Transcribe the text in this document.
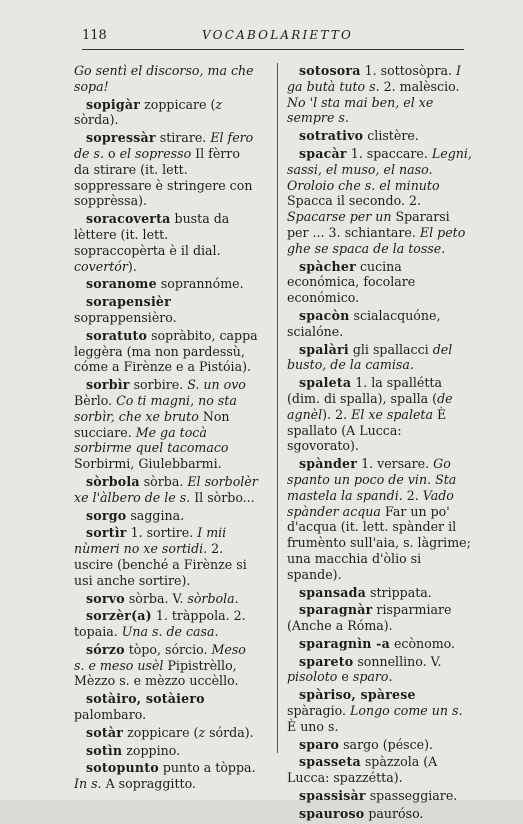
118	VOCABOLARIETTO

Go sentì el discorso, ma che sopa!

sopigàr zoppicare (z sòrda).

sopressàr stirare. El fero de s. o el sopresso Il fèrro da stirare (it. lett. soppressare è stringere con sopprèssa).

soracoverta busta da lèttere (it. lett. sopraccopèrta è il dial. covertór).

soranome soprannóme.

sorapensièr soprappensièro.

soratuto sopràbito, cappa leggèra (ma non pardessù, cóme a Firènze e a Pistóia).

sorbìr sorbire. S. un ovo Bèrlo. Co ti magni, no sta sorbìr, che xe bruto Non succiare. Me ga tocà sorbirme quel tacomaco Sorbirmi, Giulebbarmi.

sòrbola sòrba. El sorbolèr xe l'àlbero de le s. Il sòrbo...

sorgo saggina.

sortìr 1. sortire. I mii nùmeri no xe sortidi. 2. uscire (benché a Firènze si usi anche sortire).

sorvo sòrba. V. sòrbola.

sorzèr(a) 1. tràppola. 2. topaia. Una s. de casa.

sórzo tòpo, sórcio. Meso s. e meso usèl Pipistrèllo, Mèzzo s. e mèzzo uccèllo.

sotàiro, sotàiero palombaro.

sotàr zoppicare (z sórda).

sotìn zoppino.

sotopunto punto a tòppa. In s. A sopraggitto.

sotosora 1. sottosòpra. I ga butà tuto s. 2. malèscio. No 'l sta mai ben, el xe sempre s.

sotrativo clistère.

spacàr 1. spaccare. Legni, sassi, el muso, el naso. Oroloio che s. el minuto Spacca il secondo. 2. Spacarse per un Spararsi per ... 3. schiantare. El peto ghe se spaca de la tosse.

spàcher cucina económica, focolare económico.

spacòn scialacquóne, scialóne.

spalàri gli spallacci del busto, de la camisa.

spaleta 1. la spallétta (dim. di spalla), spalla (de agnèl). 2. El xe spaleta È spallato (A Lucca: sgovorato).

spànder 1. versare. Go spanto un poco de vin. Sta mastela la spandi. 2. Vado spànder acqua Far un po' d'acqua (it. lett. spànder il frumènto sull'aia, s. làgrime; una macchia d'òlio si spande).

spansada strippata.

sparagnàr risparmiare (Anche a Róma).

sparagnìn -a ecònomo.

spareto sonnellino. V. pisoloto e sparo.

spàriso, spàrese spàragio. Longo come un s. È uno s.

sparo sargo (pésce).

spasseta spàzzola (A Lucca: spazzétta).

spassisàr spasseggiare.

spauroso pauróso.
